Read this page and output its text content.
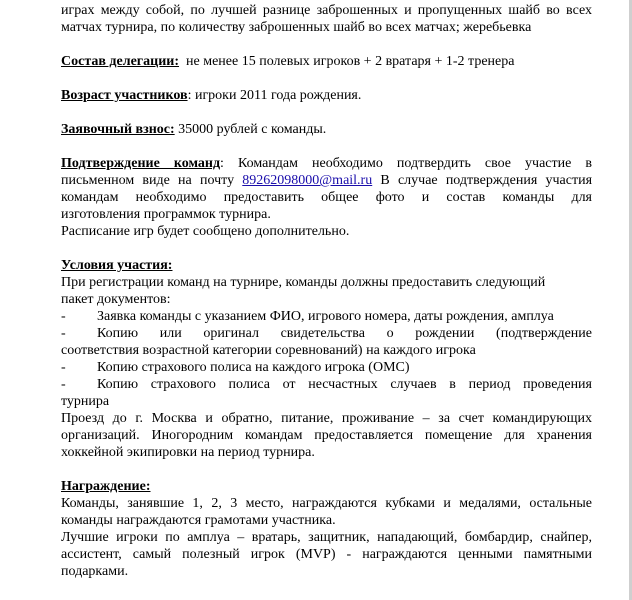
играх между собой, по лучшей разнице заброшенных и пропущенных шайб во всех

матчах турнира, по количеству заброшенных шайб во всех матчах; жеребьевка

Состав делегации: не менее 15 полевых игроков + 2 вратаря + 1-2 тренера

Возраст участников: игроки 2011 года рождения.

Заявочный взнос: 35000 рублей с команды.

Подтверждение команд: Командам необходимо подтвердить свое участие в

письменном виде на почту 89262098000@mail.ru В случае подтверждения участия

командам необходимо предоставить общее фото и состав команды для

изготовления программок турнира.

Расписание игр будет сообщено дополнительно.

Условия участия:

При регистрации команд на турнире, команды должны предоставить следующий

пакет документов:

-	Заявка команды с указанием ФИО, игрового номера, даты рождения, амплуа
-	Копию или оригинал свидетельства о рождении (подтверждение

соответствия возрастной категории соревнований) на каждого игрока

-	Копию страхового полиса на каждого игрока (ОМС)
-	Копию страхового полиса от несчастных случаев в период проведения

турнира

Проезд до г. Москва и обратно, питание, проживание – за счет командирующих

организаций. Иногородним командам предоставляется помещение для хранения

хоккейной экипировки на период турнира.

Награждение:

Команды, занявшие 1, 2, 3 место, награждаются кубками и медалями, остальные

команды награждаются грамотами участника.

Лучшие игроки по амплуа – вратарь, защитник, нападающий, бомбардир, снайпер,

ассистент, самый полезный игрок (MVP) - награждаются ценными памятными

подарками.
